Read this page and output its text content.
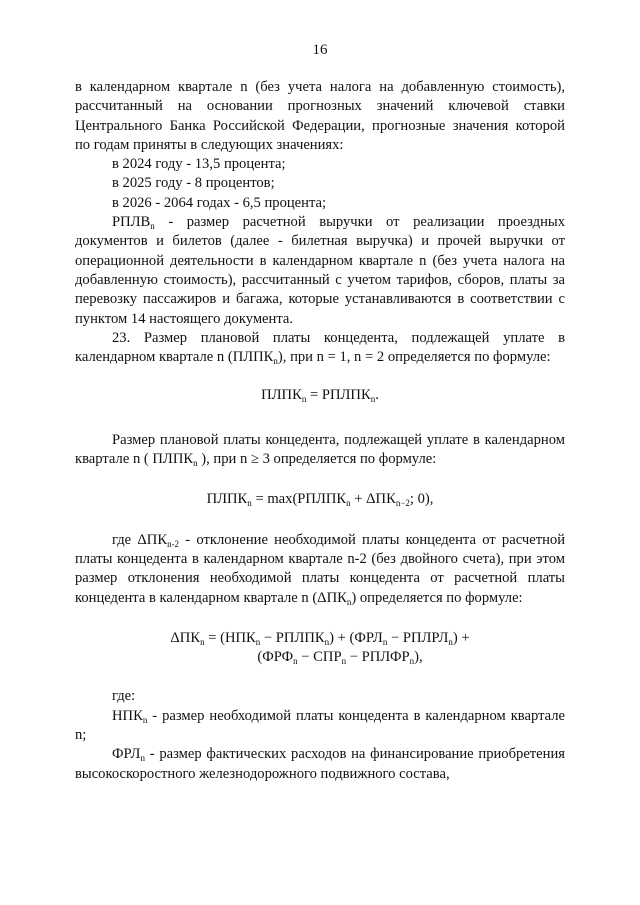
16

в календарном квартале n (без учета налога на добавленную стоимость),

рассчитанный на основании прогнозных значений ключевой ставки

Центрального Банка Российской Федерации, прогнозные значения которой

по годам приняты в следующих значениях:

в 2024 году - 13,5 процента;

в 2025 году - 8 процентов;

в 2026 - 2064 годах - 6,5 процента;

$РПЛВ_n$ - размер расчетной выручки от реализации проездных документов и билетов (далее - билетная выручка) и прочей выручки от операционной деятельности в календарном квартале n (без учета налога на добавленную стоимость), рассчитанный с учетом тарифов, сборов, платы за перевозку пассажиров и багажа, которые устанавливаются в соответствии с пунктом 14 настоящего документа.

23. Размер плановой платы концедента, подлежащей уплате в календарном квартале n $(ПЛПК_n)$, при n = 1, n = 2 определяется по формуле:

$ПЛПК_n$ = $РПЛПК_n$.

Размер плановой платы концедента, подлежащей уплате в календарном квартале n ( $ПЛПК_n$ ), при n ≥ 3 определяется по формуле:

$ПЛПК_n$ = $\max(РПЛПК_n + \Delta ПК_{n-2}$; 0),

где $\Delta ПК_{n-2}$ - отклонение необходимой платы концедента от расчетной платы концедента в календарном квартале n-2 (без двойного счета), при этом размер отклонения необходимой платы концедента от расчетной платы концедента в календарном квартале n $(\Delta ПК_n)$ определяется по формуле:

$\Delta ПК_n = (НПК_n$ − $РПЛПК_n) + (ФРЛ_n$ − $РПЛРЛ_n$) +

($ФРФ_n - СПР_n$ − $РПЛФР_n$),

где:

$НПК_n$ - размер необходимой платы концедента в календарном квартале n;

$ФРЛ_n$ - размер фактических расходов на финансирование приобретения высокоскоростного железнодорожного подвижного состава,
